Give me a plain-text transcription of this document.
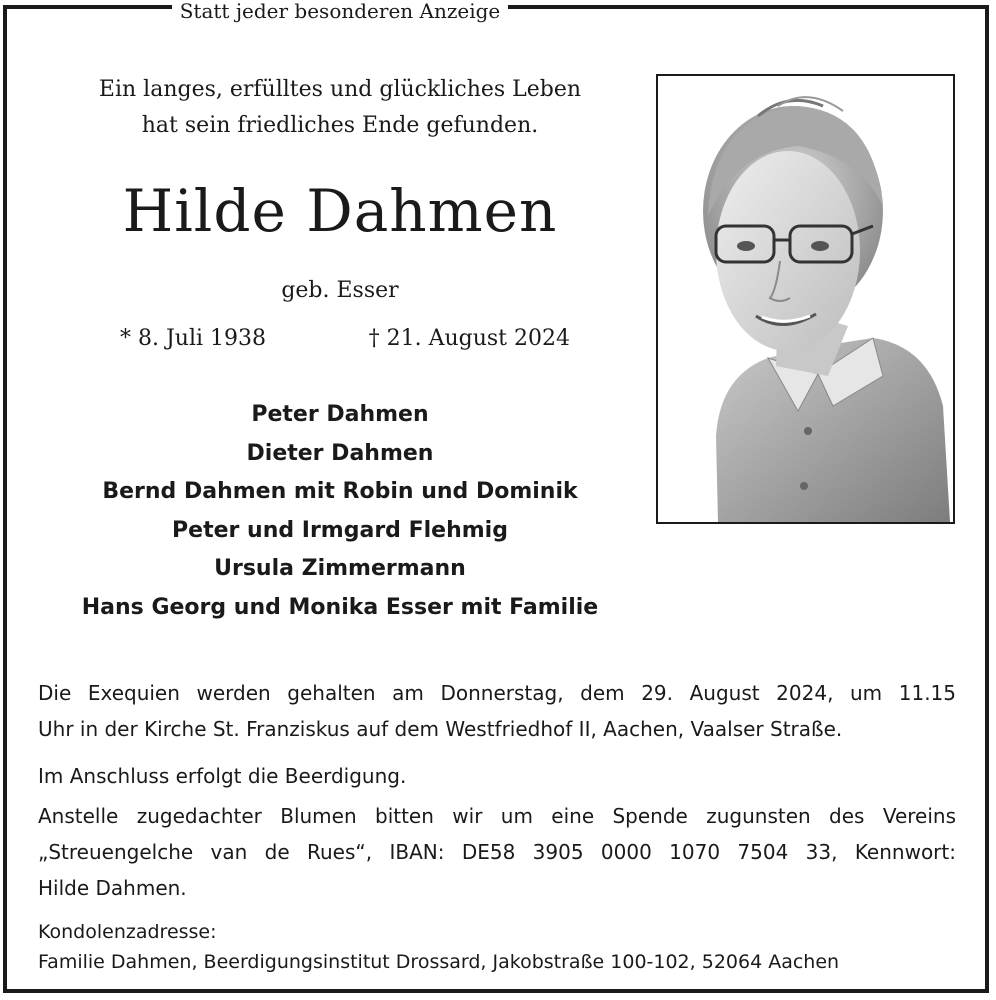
Statt jeder besonderen Anzeige
Ein langes, erfülltes und glückliches Leben
hat sein friedliches Ende gefunden.
Hilde Dahmen
geb. Esser
* 8. Juli 1938	† 21. August 2024
Peter Dahmen
Dieter Dahmen
Bernd Dahmen mit Robin und Dominik
Peter und Irmgard Flehmig
Ursula Zimmermann
Hans Georg und Monika Esser mit Familie
Die Exequien werden gehalten am Donnerstag, dem 29. August 2024, um 11.15
Uhr in der Kirche St. Franziskus auf dem Westfriedhof II, Aachen, Vaalser Straße.
Im Anschluss erfolgt die Beerdigung.
Anstelle zugedachter Blumen bitten wir um eine Spende zugunsten des Vereins
„Streuengelche van de Rues“, IBAN: DE58 3905 0000 1070 7504 33, Kennwort:
Hilde Dahmen.
Kondolenzadresse:
Familie Dahmen, Beerdigungsinstitut Drossard, Jakobstraße 100-102, 52064 Aachen
